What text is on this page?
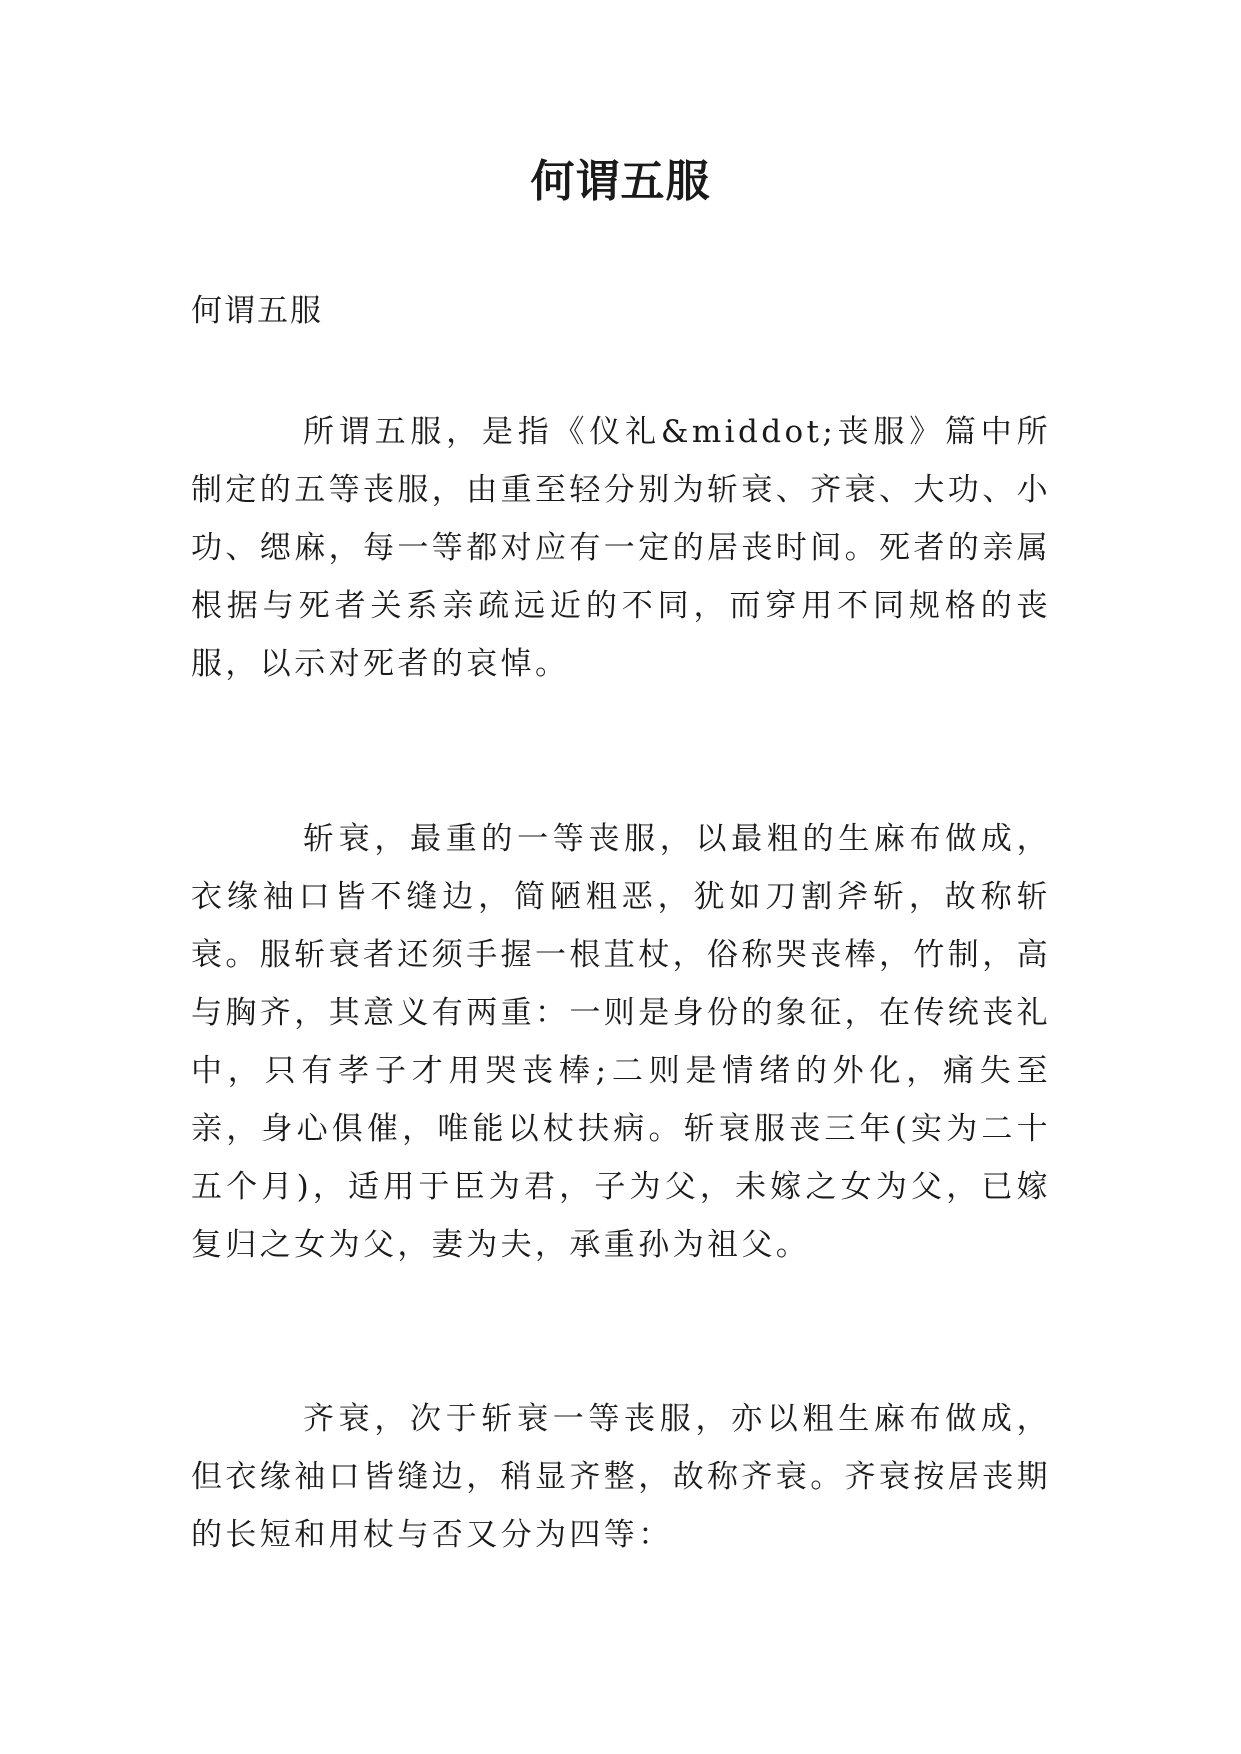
何谓五服

何谓五服

所谓五服，是指《仪礼&middot;丧服》篇中所制定的五等丧服，由重至轻分别为斩衰、齐衰、大功、小功、缌麻，每一等都对应有一定的居丧时间。死者的亲属根据与死者关系亲疏远近的不同，而穿用不同规格的丧服，以示对死者的哀悼。

斩衰，最重的一等丧服，以最粗的生麻布做成，衣缘袖口皆不缝边，简陋粗恶，犹如刀割斧斩，故称斩衰。服斩衰者还须手握一根苴杖，俗称哭丧棒，竹制，高与胸齐，其意义有两重：一则是身份的象征，在传统丧礼中，只有孝子才用哭丧棒;二则是情绪的外化，痛失至亲，身心俱催，唯能以杖扶病。斩衰服丧三年(实为二十五个月)，适用于臣为君，子为父，未嫁之女为父，已嫁复归之女为父，妻为夫，承重孙为祖父。

齐衰，次于斩衰一等丧服，亦以粗生麻布做成，但衣缘袖口皆缝边，稍显齐整，故称齐衰。齐衰按居丧期的长短和用杖与否又分为四等：
